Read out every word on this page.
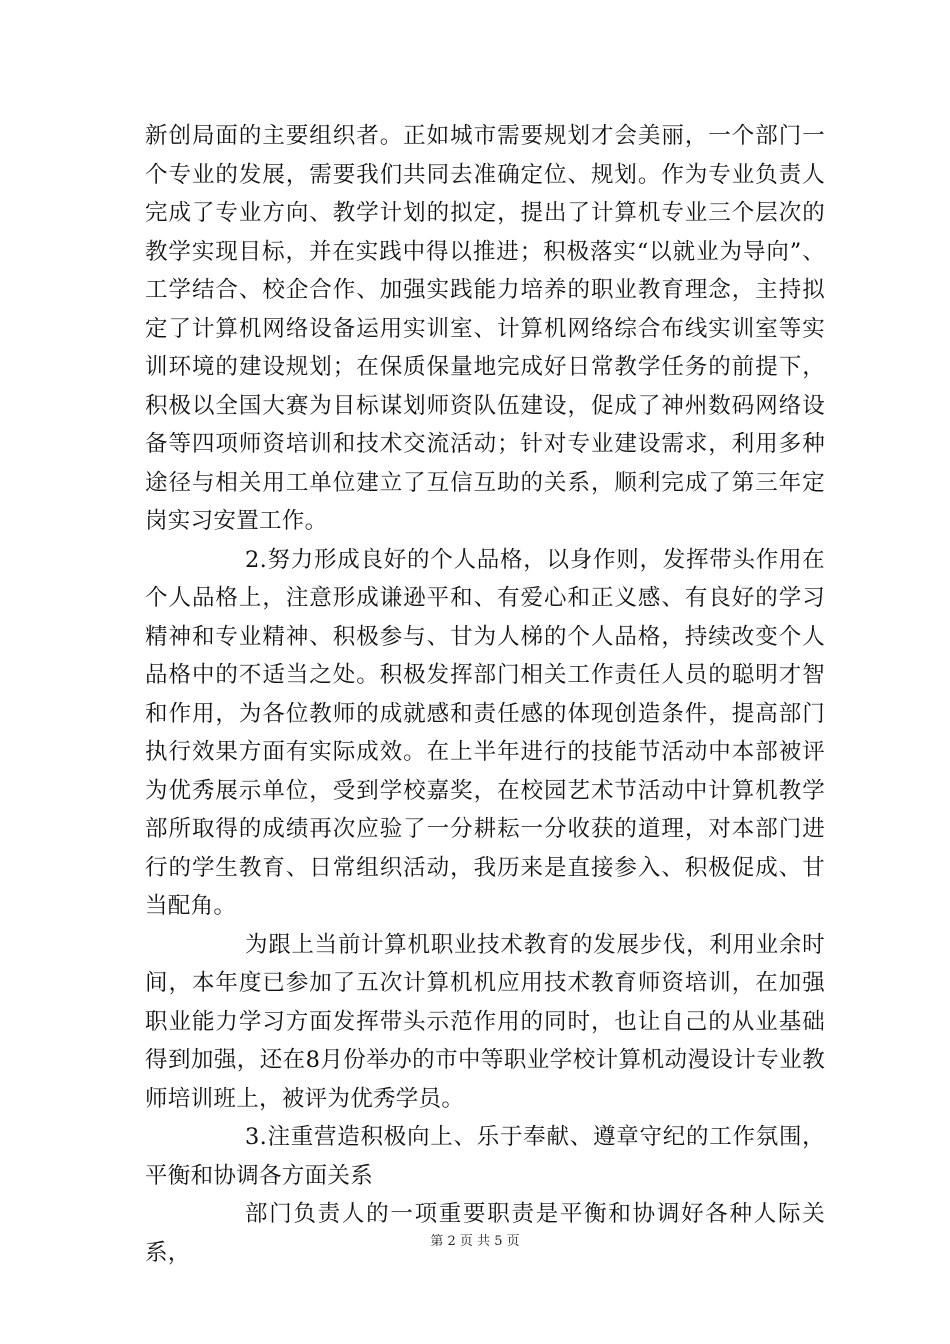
新创局面的主要组织者。正如城市需要规划才会美丽，一个部门一个专业的发展，需要我们共同去准确定位、规划。作为专业负责人完成了专业方向、教学计划的拟定，提出了计算机专业三个层次的教学实现目标，并在实践中得以推进；积极落实“以就业为导向”、工学结合、校企合作、加强实践能力培养的职业教育理念，主持拟定了计算机网络设备运用实训室、计算机网络综合布线实训室等实训环境的建设规划；在保质保量地完成好日常教学任务的前提下，积极以全国大赛为目标谋划师资队伍建设，促成了神州数码网络设备等四项师资培训和技术交流活动；针对专业建设需求，利用多种途径与相关用工单位建立了互信互助的关系，顺利完成了第三年定岗实习安置工作。

2.努力形成良好的个人品格，以身作则，发挥带头作用在个人品格上，注意形成谦逊平和、有爱心和正义感、有良好的学习精神和专业精神、积极参与、甘为人梯的个人品格，持续改变个人品格中的不适当之处。积极发挥部门相关工作责任人员的聪明才智和作用，为各位教师的成就感和责任感的体现创造条件，提高部门执行效果方面有实际成效。在上半年进行的技能节活动中本部被评为优秀展示单位，受到学校嘉奖，在校园艺术节活动中计算机教学部所取得的成绩再次应验了一分耕耘一分收获的道理，对本部门进行的学生教育、日常组织活动，我历来是直接参入、积极促成、甘当配角。

为跟上当前计算机职业技术教育的发展步伐，利用业余时间，本年度已参加了五次计算机机应用技术教育师资培训，在加强职业能力学习方面发挥带头示范作用的同时，也让自己的从业基础得到加强，还在8月份举办的市中等职业学校计算机动漫设计专业教师培训班上，被评为优秀学员。

3.注重营造积极向上、乐于奉献、遵章守纪的工作氛围，平衡和协调各方面关系

部门负责人的一项重要职责是平衡和协调好各种人际关系，	第 2 页 共 5 页
